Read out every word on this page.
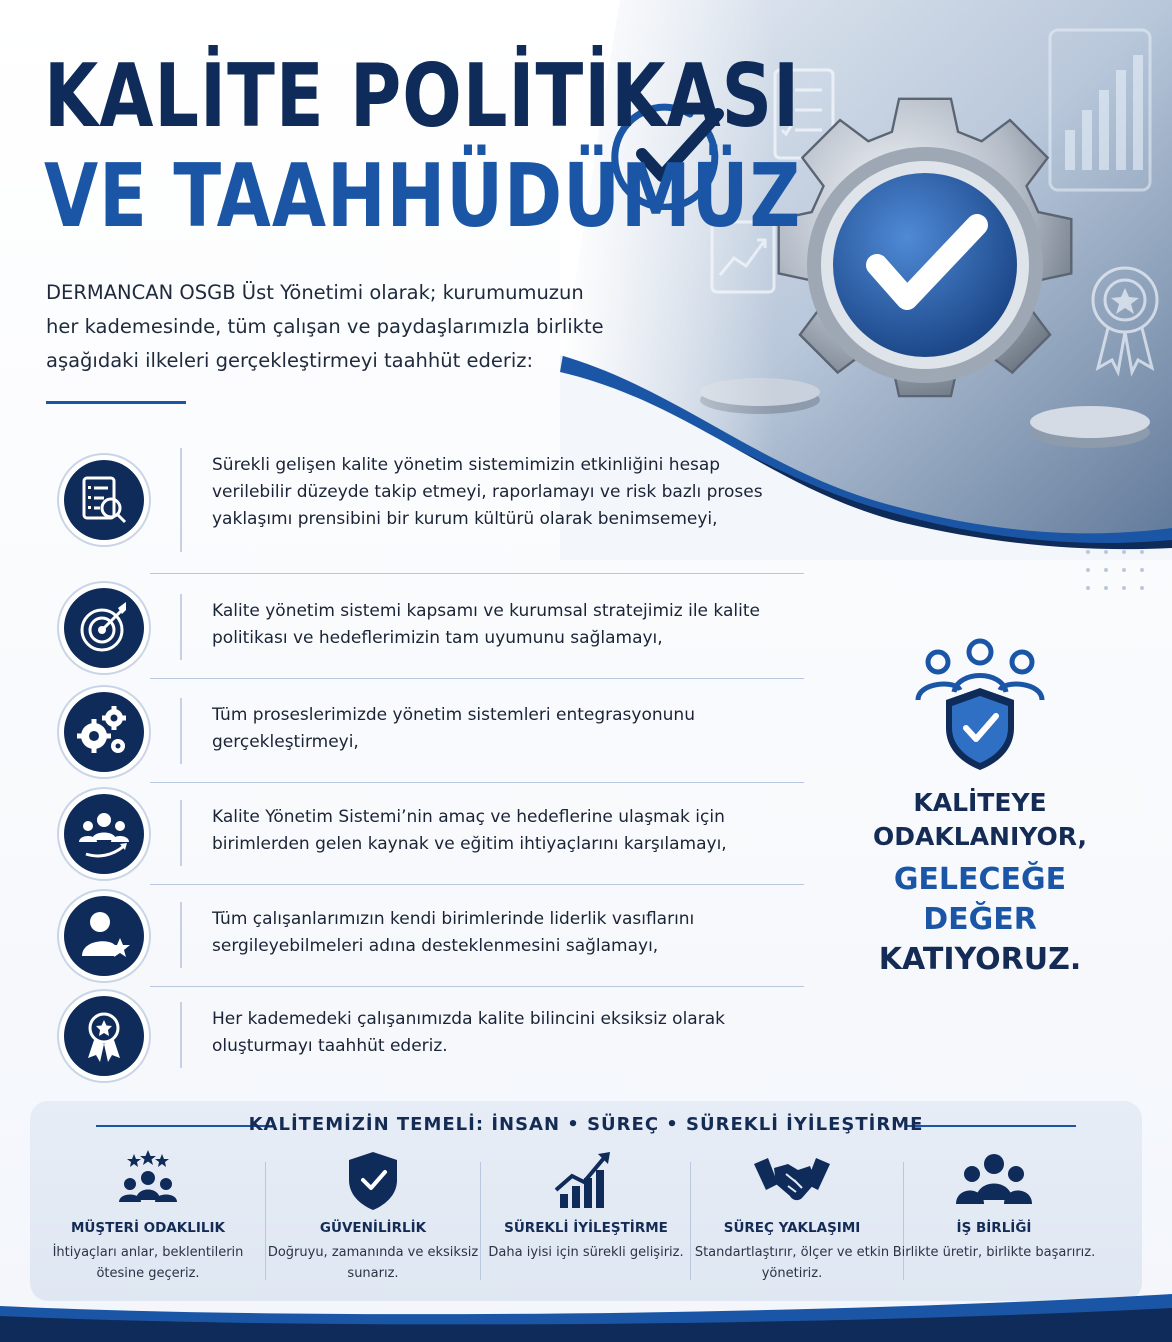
KALİTE POLİTİKASI
VE TAAHHÜDÜMÜZ
DERMANCAN OSGB Üst Yönetimi olarak; kurumumuzun her kademesinde, tüm çalışan ve paydaşlarımızla birlikte aşağıdaki ilkeleri gerçekleştirmeyi taahhüt ederiz:
Sürekli gelişen kalite yönetim sistemimizin etkinliğini hesap verilebilir düzeyde takip etmeyi, raporlamayı ve risk bazlı proses yaklaşımı prensibini bir kurum kültürü olarak benimsemeyi,
Kalite yönetim sistemi kapsamı ve kurumsal stratejimiz ile kalite politikası ve hedeflerimizin tam uyumunu sağlamayı,
Tüm proseslerimizde yönetim sistemleri entegrasyonunu gerçekleştirmeyi,
Kalite Yönetim Sistemi’nin amaç ve hedeflerine ulaşmak için birimlerden gelen kaynak ve eğitim ihtiyaçlarını karşılamayı,
Tüm çalışanlarımızın kendi birimlerinde liderlik vasıflarını sergileyebilmeleri adına desteklenmesini sağlamayı,
Her kademedeki çalışanımızda kalite bilincini eksiksiz olarak oluşturmayı taahhüt ederiz.
KALİTEYE
ODAKLANIYOR,
GELECEĞE
DEĞER
KATIYORUZ.
KALİTEMİZİN TEMELİ: İNSAN • SÜREÇ • SÜREKLİ İYİLEŞTİRME
MÜŞTERİ ODAKLILIK
İhtiyaçları anlar, beklentilerin ötesine geçeriz.
GÜVENİLİRLİK
Doğruyu, zamanında ve eksiksiz sunarız.
SÜREKLİ İYİLEŞTİRME
Daha iyisi için sürekli gelişiriz.
SÜREÇ YAKLAŞIMI
Standartlaştırır, ölçer ve etkin yönetiriz.
İŞ BİRLİĞİ
Birlikte üretir, birlikte başarırız.
